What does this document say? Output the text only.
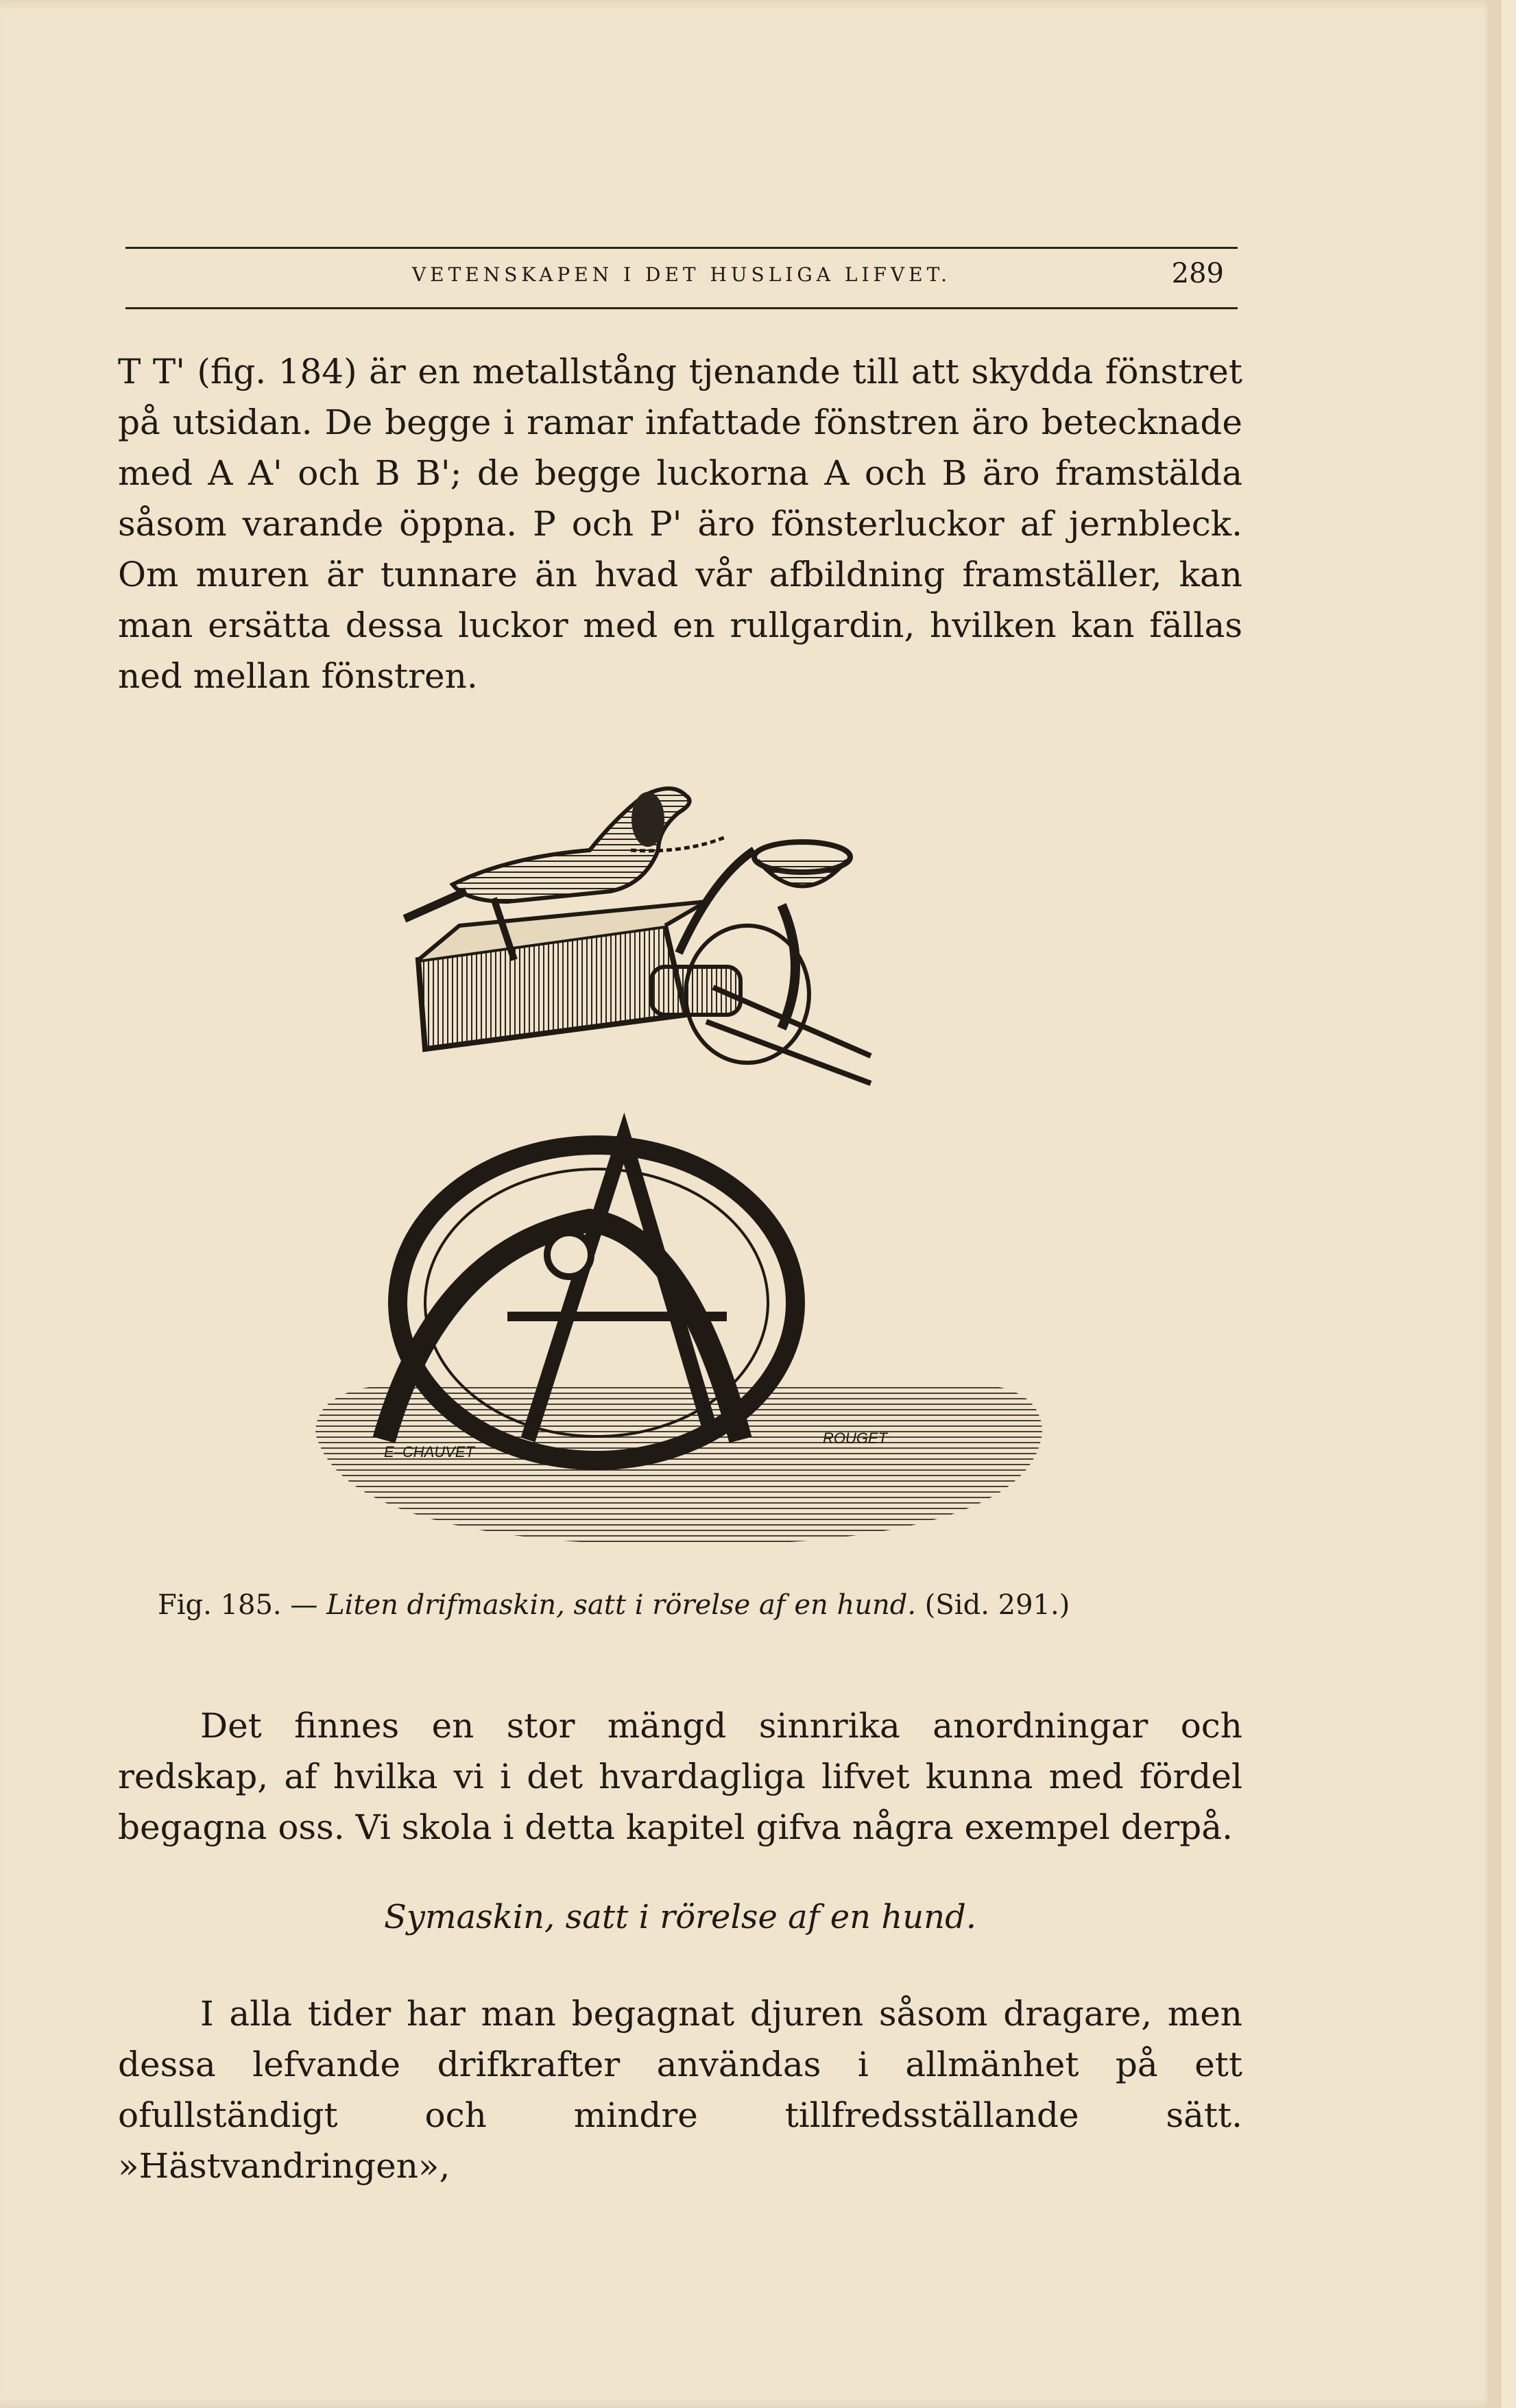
VETENSKAPEN I DET HUSLIGA LIFVET.	289

T T' (fig. 184) är en metallstång tjenande till att skydda fönstret på utsidan. De begge i ramar infattade fönstren äro betecknade med A A' och B B'; de begge luckorna A och B äro framstälda såsom varande öppna. P och P' äro fönsterluckor af jernbleck. Om muren är tunnare än hvad vår afbildning framställer, kan man ersätta dessa luckor med en rullgardin, hvilken kan fällas ned mellan fönstren.

E–CHAUVET
ROUGET
Fig. 185. — Liten drifmaskin, satt i rörelse af en hund. (Sid. 291.)

Det finnes en stor mängd sinnrika anordningar och redskap, af hvilka vi i det hvardagliga lifvet kunna med fördel begagna oss. Vi skola i detta kapitel gifva några exempel derpå.

Symaskin, satt i rörelse af en hund.

I alla tider har man begagnat djuren såsom dragare, men dessa lefvande drifkrafter användas i allmänhet på ett ofullständigt och mindre tillfredsställande sätt. »Hästvandringen»,
